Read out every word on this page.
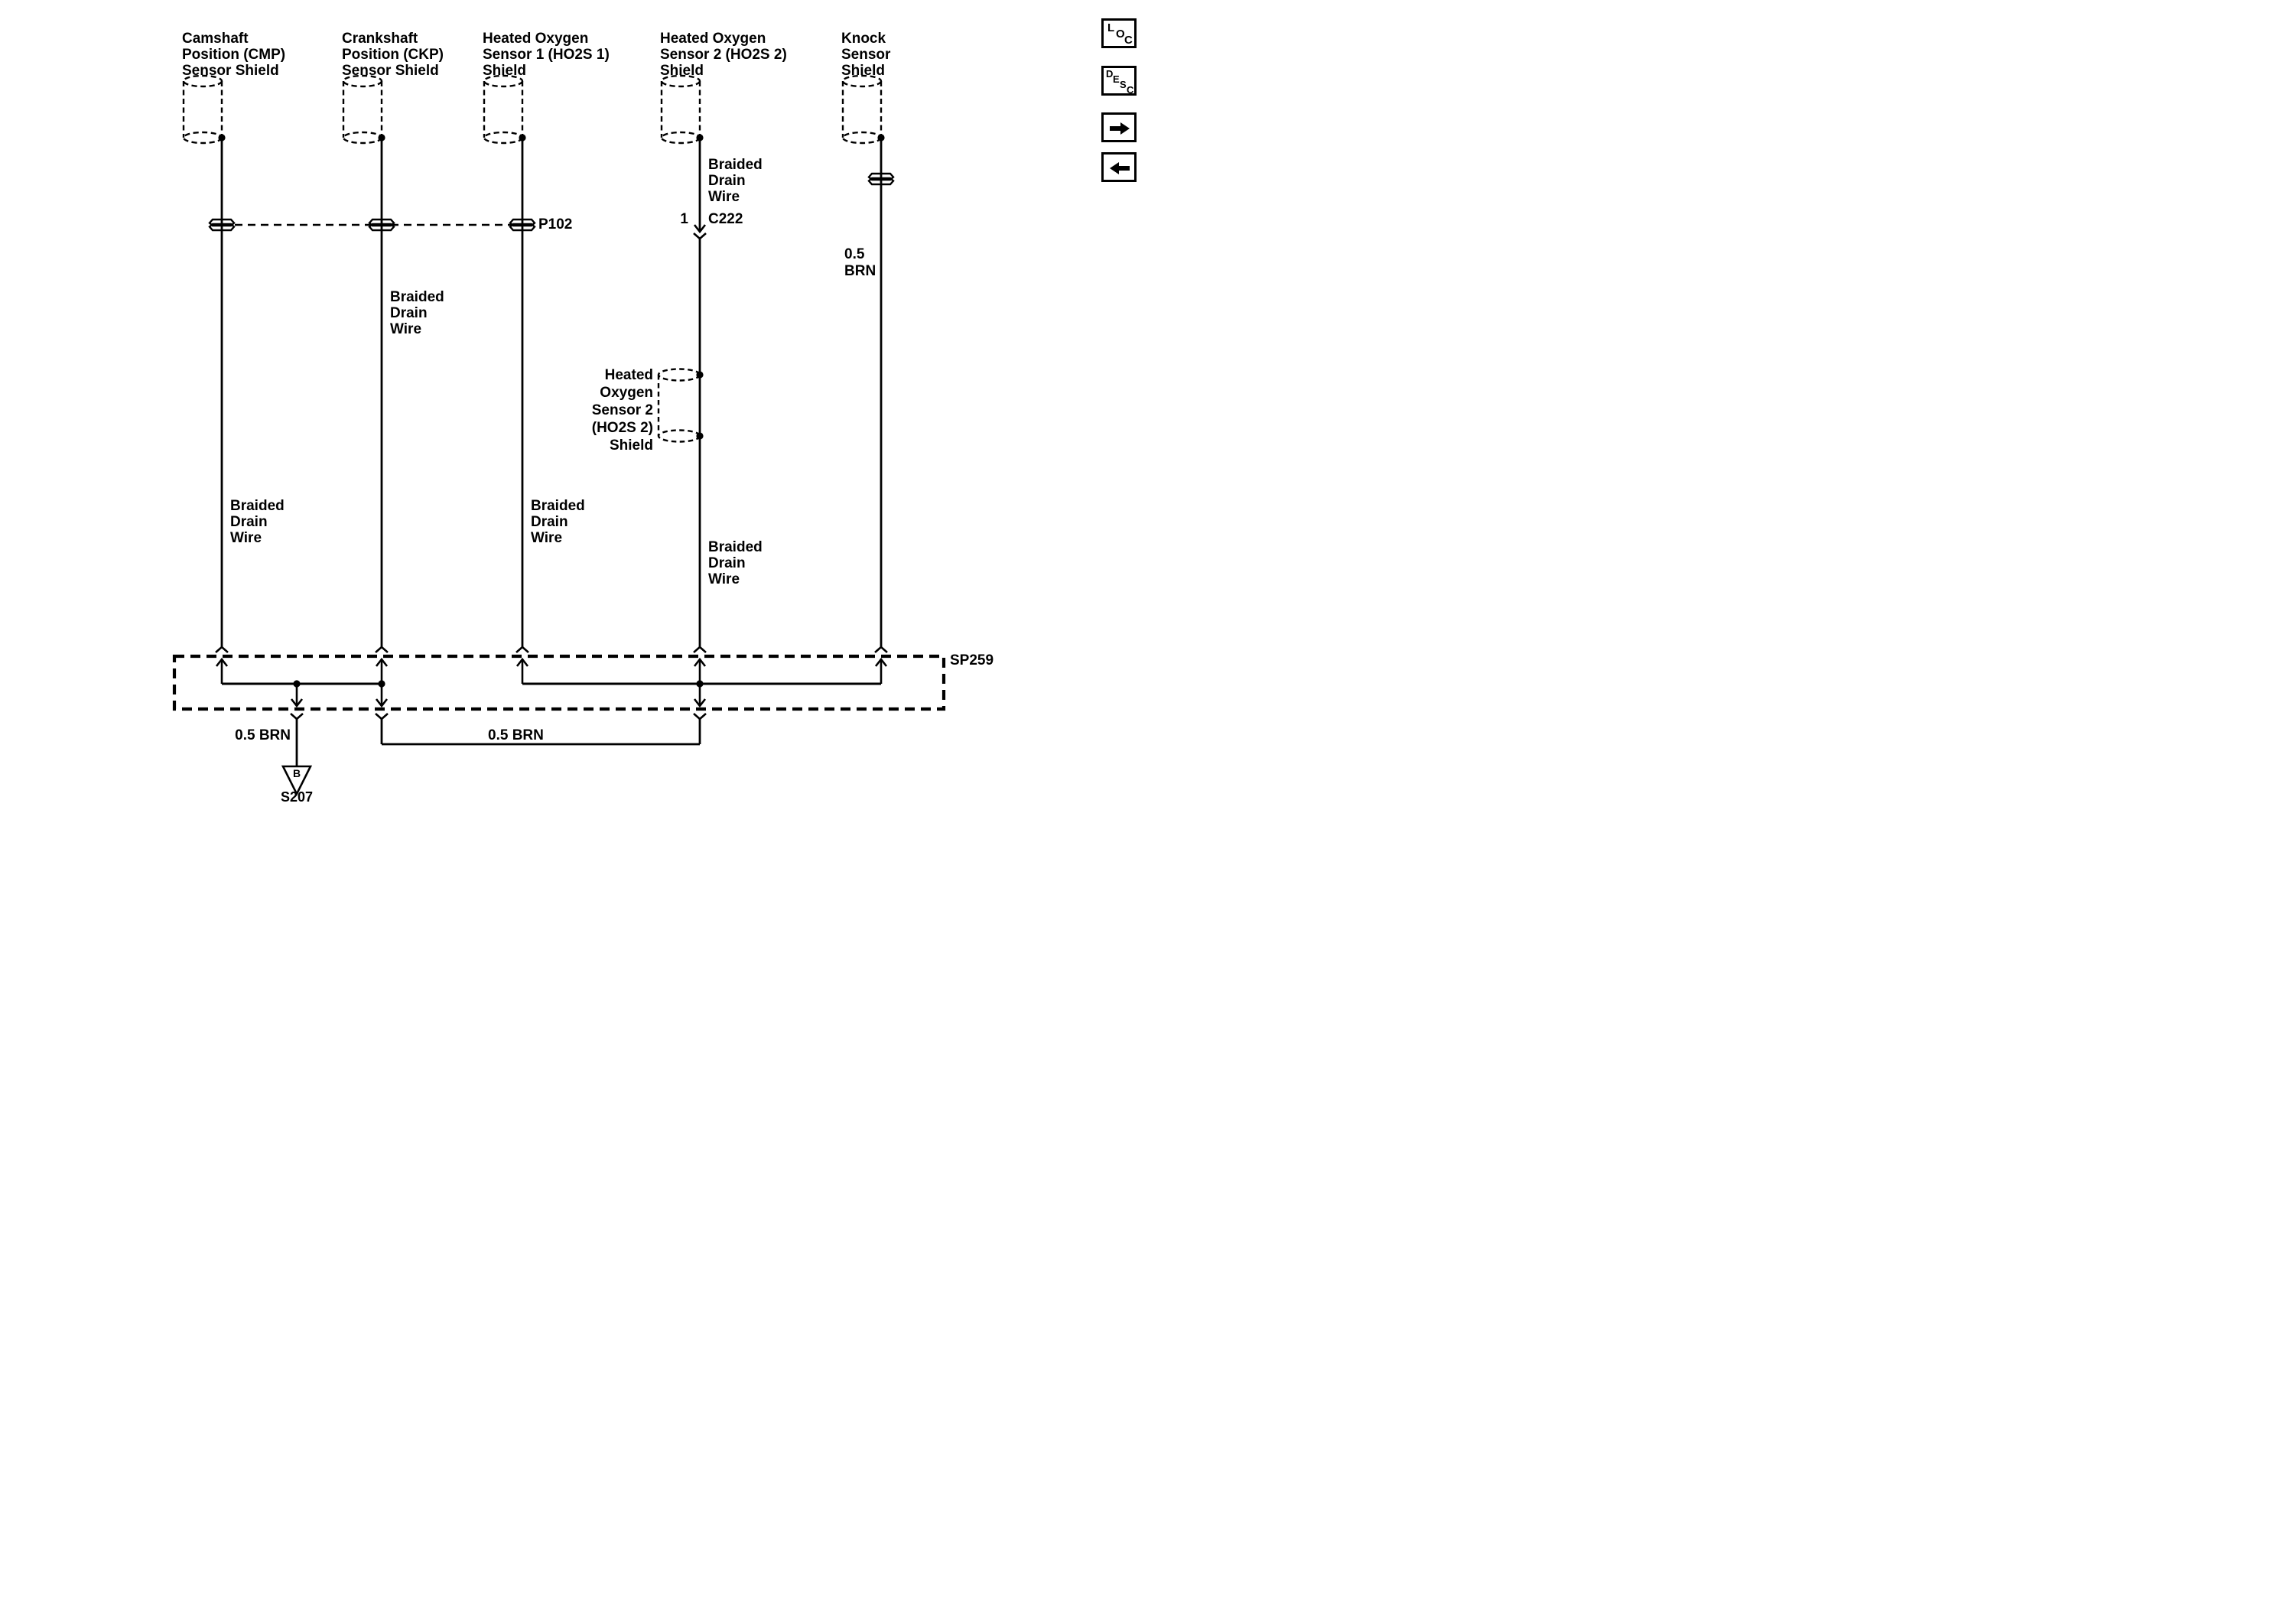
Camshaft
Position (CMP)
Sensor Shield
Crankshaft
Position (CKP)
Sensor Shield
Heated Oxygen
Sensor 1 (HO2S 1)
Shield
Heated Oxygen
Sensor 2 (HO2S 2)
Shield
Knock
Sensor
Shield
Braided
Drain
Wire
Braided
Drain
Wire
Braided
Drain
Wire
Braided
Drain
Wire
Braided
Drain
Wire
Heated
Oxygen
Sensor 2
(HO2S 2)
Shield
0.5
BRN
P102	1 C222
SP259
0.5 BRN	0.5 BRN
B
S207
L O C
D E S C
